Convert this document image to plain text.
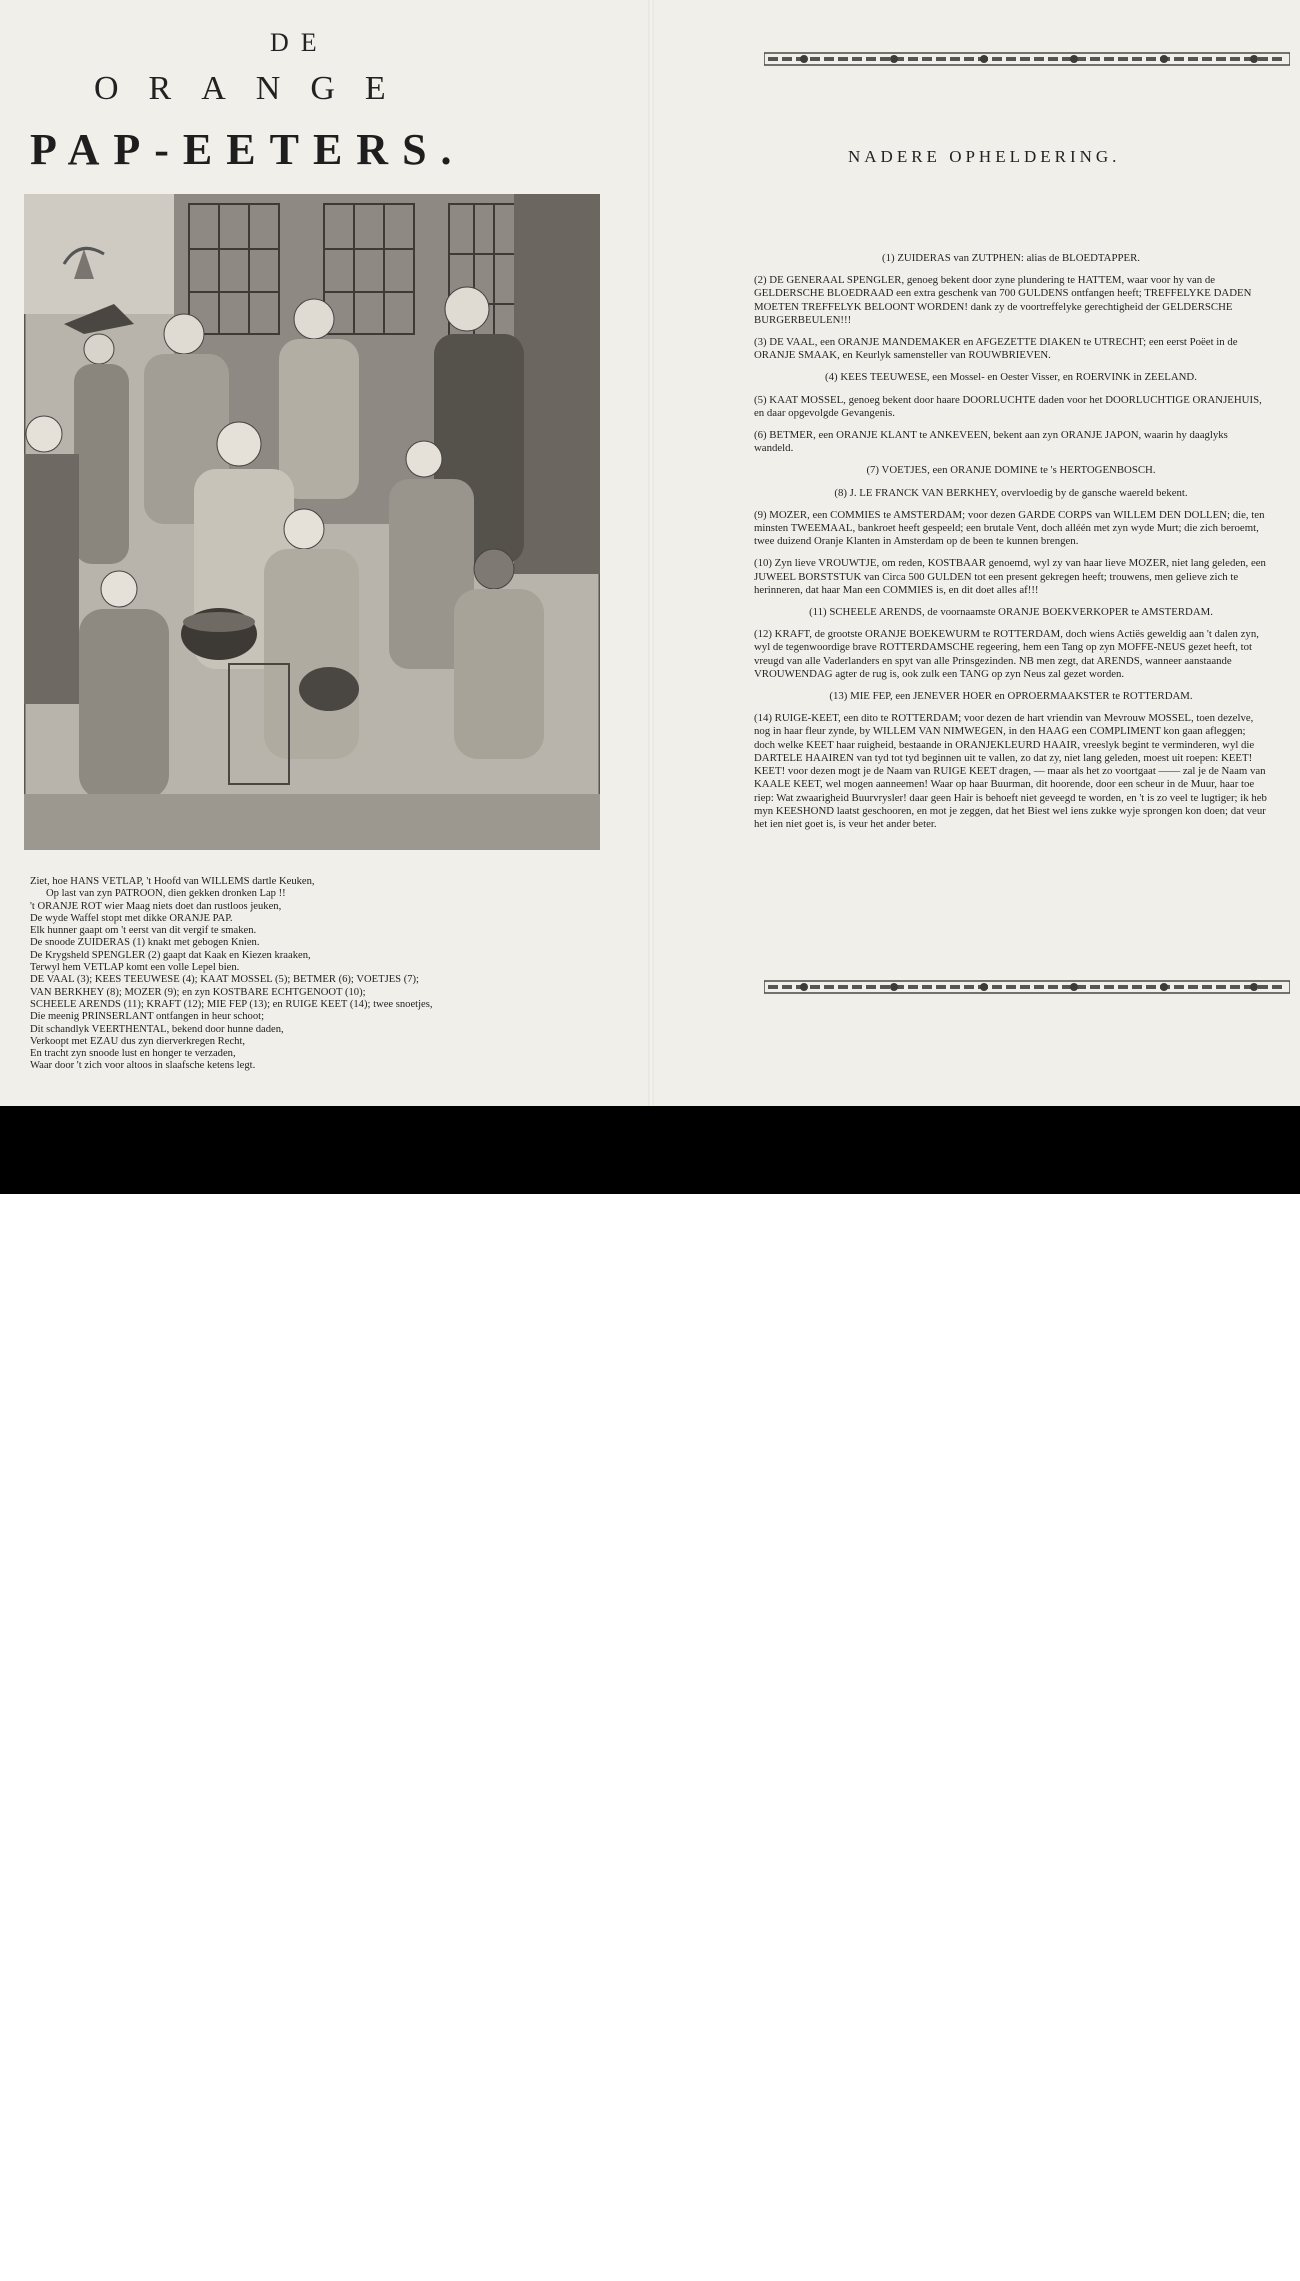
DE
ORANGE
PAP-EETERS.
Ziet, hoe HANS VETLAP, 't Hoofd van WILLEMS dartle Keuken,
Op last van zyn PATROON, dien gekken dronken Lap !!
't ORANJE ROT wier Maag niets doet dan rustloos jeuken,
De wyde Waffel stopt met dikke ORANJE PAP.
Elk hunner gaapt om 't eerst van dit vergif te smaken.
De snoode ZUIDERAS (1) knakt met gebogen Knien.
De Krygsheld SPENGLER (2) gaapt dat Kaak en Kiezen kraaken,
Terwyl hem VETLAP komt een volle Lepel bien.
DE VAAL (3); KEES TEEUWESE (4); KAAT MOSSEL (5); BETMER (6); VOETJES (7);
VAN BERKHEY (8); MOZER (9); en zyn KOSTBARE ECHTGENOOT (10);
SCHEELE ARENDS (11); KRAFT (12); MIE FEP (13); en RUIGE KEET (14); twee snoetjes,
Die meenig PRINSERLANT ontfangen in heur schoot;
Dit schandlyk VEERTHENTAL, bekend door hunne daden,
Verkoopt met EZAU dus zyn dierverkregen Recht,
En tracht zyn snoode lust en honger te verzaden,
Waar door 't zich voor altoos in slaafsche ketens legt.
NADERE OPHELDERING.
(1) ZUIDERAS van ZUTPHEN: alias de BLOEDTAPPER.
(2) DE GENERAAL SPENGLER, genoeg bekent door zyne plundering te HATTEM, waar voor hy van de GELDERSCHE BLOEDRAAD een extra geschenk van 700 GULDENS ontfangen heeft; TREFFELYKE DADEN MOETEN TREFFELYK BELOONT WORDEN! dank zy de voortreffelyke gerechtigheid der GELDERSCHE BURGERBEULEN!!!
(3) DE VAAL, een ORANJE MANDEMAKER en AFGEZETTE DIAKEN te UTRECHT; een eerst Poëet in de ORANJE SMAAK, en Keurlyk samensteller van ROUWBRIEVEN.
(4) KEES TEEUWESE, een Mossel- en Oester Visser, en ROERVINK in ZEELAND.
(5) KAAT MOSSEL, genoeg bekent door haare DOORLUCHTE daden voor het DOORLUCHTIGE ORANJEHUIS, en daar opgevolgde Gevangenis.
(6) BETMER, een ORANJE KLANT te ANKEVEEN, bekent aan zyn ORANJE JAPON, waarin hy daaglyks wandeld.
(7) VOETJES, een ORANJE DOMINE te 's HERTOGENBOSCH.
(8) J. LE FRANCK VAN BERKHEY, overvloedig by de gansche waereld bekent.
(9) MOZER, een COMMIES te AMSTERDAM; voor dezen GARDE CORPS van WILLEM DEN DOLLEN; die, ten minsten TWEEMAAL, bankroet heeft gespeeld; een brutale Vent, doch alléén met zyn wyde Murt; die zich beroemt, twee duizend Oranje Klanten in Amsterdam op de been te kunnen brengen.
(10) Zyn lieve VROUWTJE, om reden, KOSTBAAR genoemd, wyl zy van haar lieve MOZER, niet lang geleden, een JUWEEL BORSTSTUK van Circa 500 GULDEN tot een present gekregen heeft; trouwens, men gelieve zich te herinneren, dat haar Man een COMMIES is, en dit doet alles af!!!
(11) SCHEELE ARENDS, de voornaamste ORANJE BOEKVERKOPER te AMSTERDAM.
(12) KRAFT, de grootste ORANJE BOEKEWURM te ROTTERDAM, doch wiens Actiës geweldig aan 't dalen zyn, wyl de tegenwoordige brave ROTTERDAMSCHE regeering, hem een Tang op zyn MOFFE-NEUS gezet heeft, tot vreugd van alle Vaderlanders en spyt van alle Prinsgezinden. NB men zegt, dat ARENDS, wanneer aanstaande VROUWENDAG agter de rug is, ook zulk een TANG op zyn Neus zal gezet worden.
(13) MIE FEP, een JENEVER HOER en OPROERMAAKSTER te ROTTERDAM.
(14) RUIGE-KEET, een dito te ROTTERDAM; voor dezen de hart vriendin van Mevrouw MOSSEL, toen dezelve, nog in haar fleur zynde, by WILLEM VAN NIMWEGEN, in den HAAG een COMPLIMENT kon gaan afleggen; doch welke KEET haar ruigheid, bestaande in ORANJEKLEURD HAAIR, vreeslyk begint te verminderen, wyl die DARTELE HAAIREN van tyd tot tyd beginnen uit te vallen, zo dat zy, niet lang geleden, moest uit roepen: KEET! KEET! voor dezen mogt je de Naam van RUIGE KEET dragen, — maar als het zo voortgaat —— zal je de Naam van KAALE KEET, wel mogen aanneemen! Waar op haar Buurman, dit hoorende, door een scheur in de Muur, haar toe riep: Wat zwaarigheid Buurvrysler! daar geen Hair is behoeft niet geveegd te worden, en 't is zo veel te lugtiger; ik heb myn KEESHOND laatst geschooren, en mot je zeggen, dat het Biest wel iens zukke wyje sprongen kon doen; dat veur het ien niet goet is, is veur het ander beter.
alamy $^a$
Image ID: 2X6XFTH
www.alamy.com
